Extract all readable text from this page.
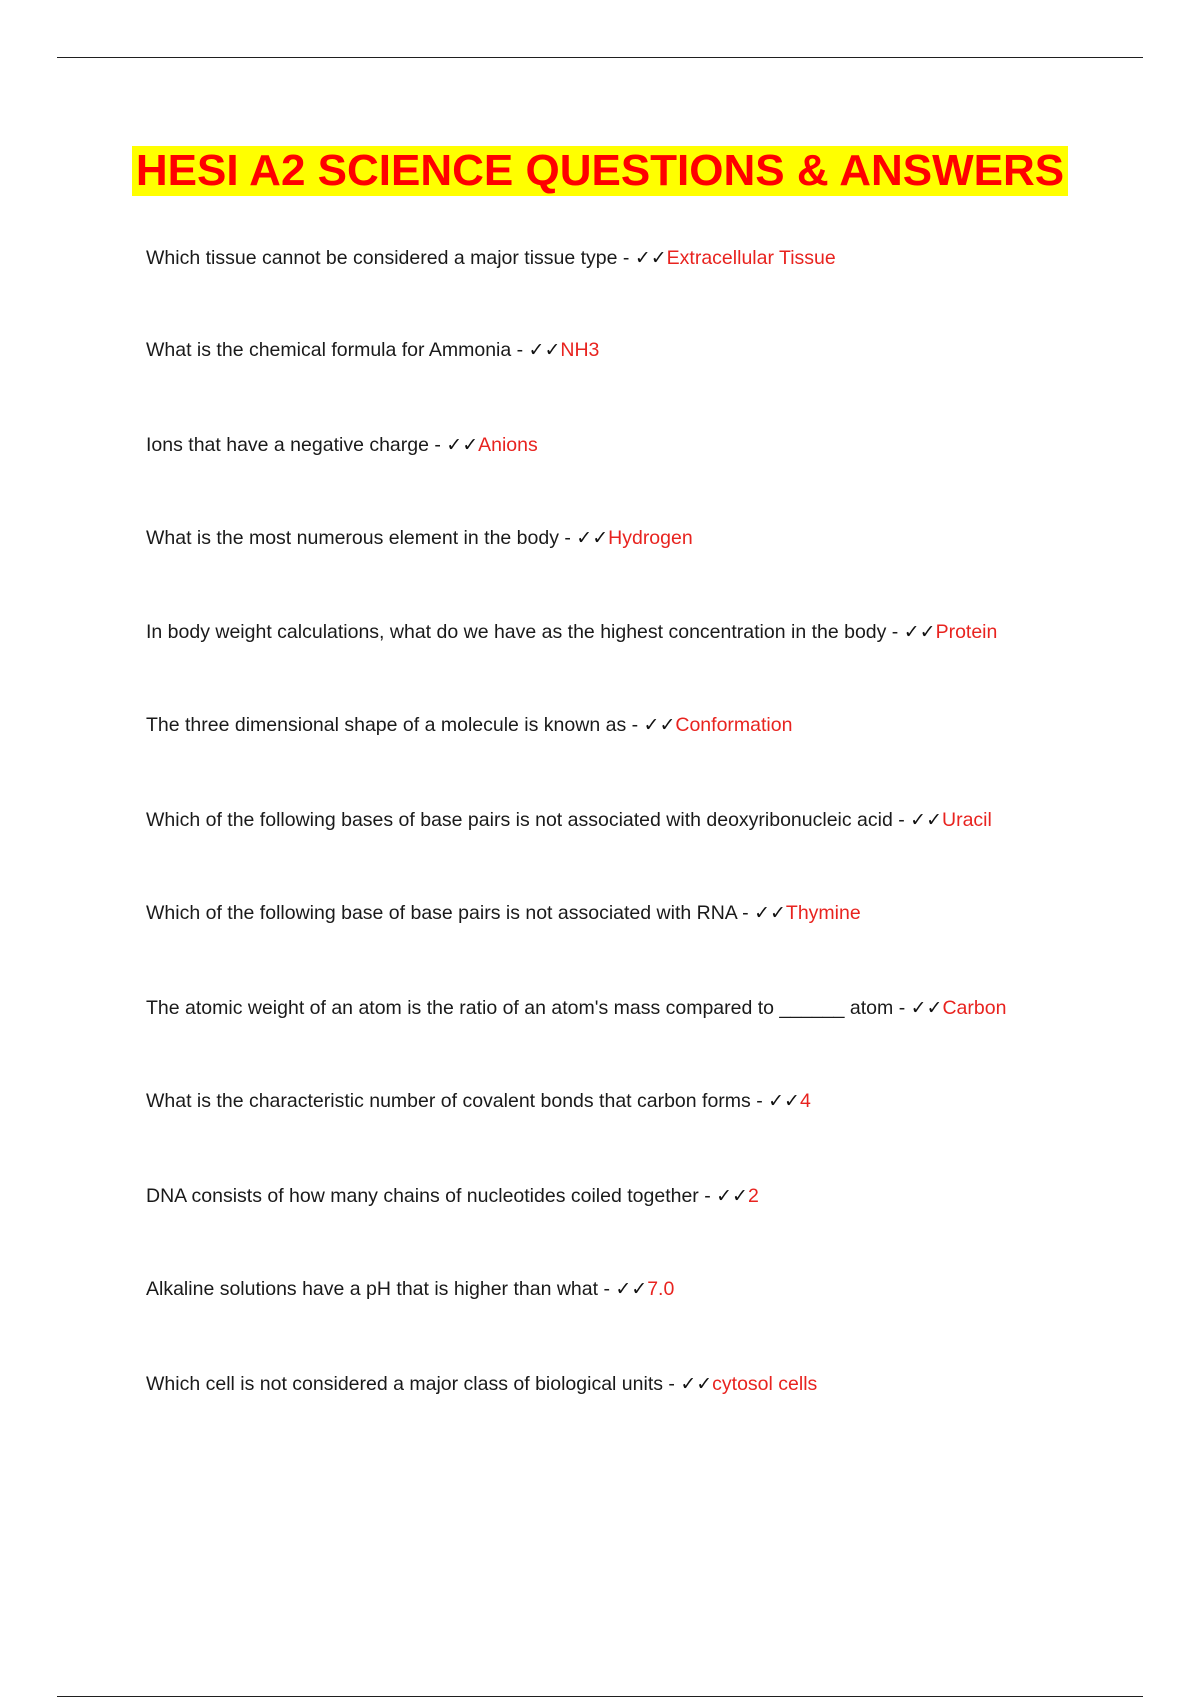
HESI A2 SCIENCE QUESTIONS & ANSWERS
Which tissue cannot be considered a major tissue type - ✓✓Extracellular Tissue
What is the chemical formula for Ammonia - ✓✓NH3
Ions that have a negative charge - ✓✓Anions
What is the most numerous element in the body - ✓✓Hydrogen
In body weight calculations, what do we have as the highest concentration in the body - ✓✓Protein
The three dimensional shape of a molecule is known as - ✓✓Conformation
Which of the following bases of base pairs is not associated with deoxyribonucleic acid - ✓✓Uracil
Which of the following base of base pairs is not associated with RNA - ✓✓Thymine
The atomic weight of an atom is the ratio of an atom's mass compared to ______ atom - ✓✓Carbon
What is the characteristic number of covalent bonds that carbon forms - ✓✓4
DNA consists of how many chains of nucleotides coiled together - ✓✓2
Alkaline solutions have a pH that is higher than what - ✓✓7.0
Which cell is not considered a major class of biological units - ✓✓cytosol cells
